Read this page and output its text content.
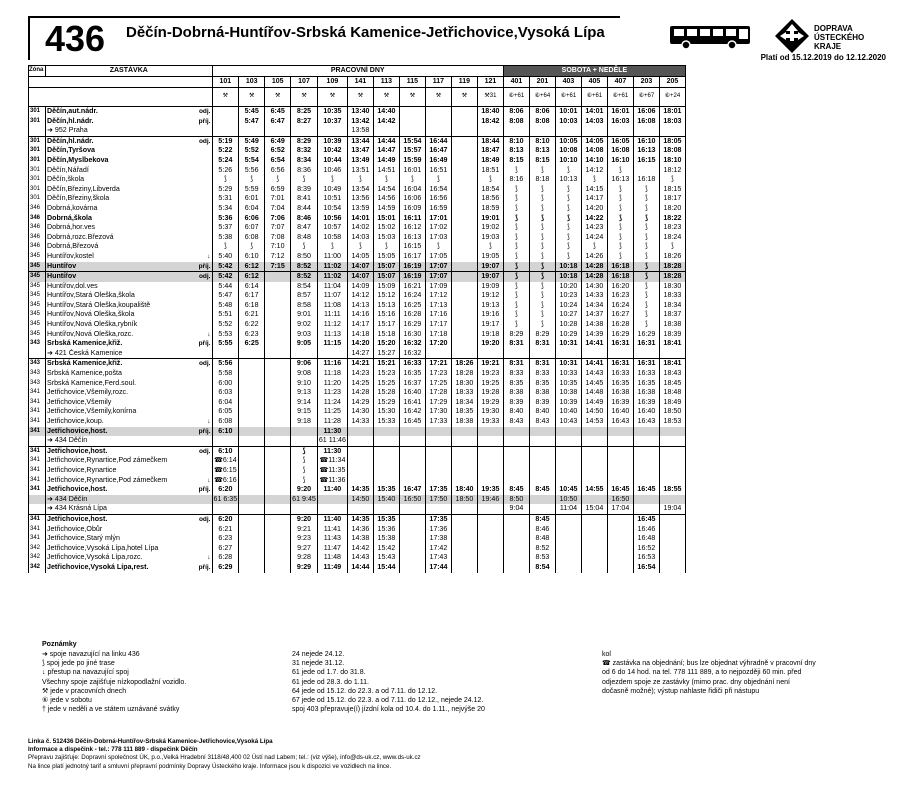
436	Děčín-Dobrná-Huntířov-Srbská Kamenice-Jetřichovice,Vysoká Lípa	DOPRAVA
ÚSTECKÉHO
KRAJE
Platí od 15.12.2019 do 12.12.2020
Zóna	ZASTÁVKA		PRACOVNÍ DNY											SOBOTA + NEDĚLE						
			101	103	105	107	109	141	113	115	117	119	121	401	201	403	405	407	203	205
			⚒	⚒	⚒	⚒	⚒	⚒	⚒	⚒	⚒	⚒	⚒31	⑥+61	⑥+64	⑥+61	⑥+61	⑥+61	⑥+67	⑥+24
301	Děčín,aut.nádr.	odj.		5:45	6:45	8:25	10:35	13:40	14:40				18:40	8:06	8:06	10:01	14:01	16:01	16:06	18:01
301	Děčín,hl.nádr.	příj.		5:47	6:47	8:27	10:37	13:42	14:42				18:42	8:08	8:08	10:03	14:03	16:03	16:08	18:03
	➜ 952 Praha							13:58												
301	Děčín,hl.nádr.	odj.	5:19	5:49	6:49	8:29	10:39	13:44	14:44	15:54	16:44		18:44	8:10	8:10	10:05	14:05	16:05	16:10	18:05
301	Děčín,Tyršova		5:22	5:52	6:52	8:32	10:42	13:47	14:47	15:57	16:47		18:47	8:13	8:13	10:08	14:08	16:08	16:13	18:08
301	Děčín,Myslbekova		5:24	5:54	6:54	8:34	10:44	13:49	14:49	15:59	16:49		18:49	8:15	8:15	10:10	14:10	16:10	16:15	18:10
301	Děčín,Nářadí		5:26	5:56	6:56	8:36	10:46	13:51	14:51	16:01	16:51		18:51	⟆	⟆	⟆	14:12	⟆		18:12
301	Děčín,škola		⟆	⟆	⟆	⟆	⟆	⟆	⟆	⟆	⟆		⟆	8:16	8:18	10:13	⟆	16:13	16:18	⟆
301	Děčín,Březiny,Libverda		5:29	5:59	6:59	8:39	10:49	13:54	14:54	16:04	16:54		18:54	⟆	⟆	⟆	14:15	⟆	⟆	18:15
301	Děčín,Březiny,škola		5:31	6:01	7:01	8:41	10:51	13:56	14:56	16:06	16:56		18:56	⟆	⟆	⟆	14:17	⟆	⟆	18:17
346	Dobrná,kovárna		5:34	6:04	7:04	8:44	10:54	13:59	14:59	16:09	16:59		18:59	⟆	⟆	⟆	14:20	⟆	⟆	18:20
346	Dobrná,škola		5:36	6:06	7:06	8:46	10:56	14:01	15:01	16:11	17:01		19:01	⟆	⟆	⟆	14:22	⟆	⟆	18:22
346	Dobrná,hor.ves		5:37	6:07	7:07	8:47	10:57	14:02	15:02	16:12	17:02		19:02	⟆	⟆	⟆	14:23	⟆	⟆	18:23
346	Dobrná,rozc.Březová		5:38	6:08	7:08	8:48	10:58	14:03	15:03	16:13	17:03		19:03	⟆	⟆	⟆	14:24	⟆	⟆	18:24
346	Dobrná,Březová		⟆	⟆	7:10	⟆	⟆	⟆	⟆	16:15	⟆		⟆	⟆	⟆	⟆	⟆	⟆	⟆	⟆
345	Huntířov,kostel	↓	5:40	6:10	7:12	8:50	11:00	14:05	15:05	16:17	17:05		19:05	⟆	⟆	⟆	14:26	⟆	⟆	18:26
345	Huntířov	příj.	5:42	6:12	7:15	8:52	11:02	14:07	15:07	16:19	17:07		19:07	⟆	⟆	10:18	14:28	16:18	⟆	18:28
345	Huntířov	odj.	5:42	6:12		8:52	11:02	14:07	15:07	16:19	17:07		19:07	⟆	⟆	10:18	14:28	16:18	⟆	18:28
345	Huntířov,dol.ves		5:44	6:14		8:54	11:04	14:09	15:09	16:21	17:09		19:09	⟆	⟆	10:20	14:30	16:20	⟆	18:30
345	Huntířov,Stará Oleška,škola		5:47	6:17		8:57	11:07	14:12	15:12	16:24	17:12		19:12	⟆	⟆	10:23	14:33	16:23	⟆	18:33
345	Huntířov,Stará Oleška,koupaliště		5:48	6:18		8:58	11:08	14:13	15:13	16:25	17:13		19:13	⟆	⟆	10:24	14:34	16:24	⟆	18:34
345	Huntířov,Nová Oleška,škola		5:51	6:21		9:01	11:11	14:16	15:16	16:28	17:16		19:16	⟆	⟆	10:27	14:37	16:27	⟆	18:37
345	Huntířov,Nová Oleška,rybník		5:52	6:22		9:02	11:12	14:17	15:17	16:29	17:17		19:17	⟆	⟆	10:28	14:38	16:28	⟆	18:38
345	Huntířov,Nová Oleška,rozc.	↓	5:53	6:23		9:03	11:13	14:18	15:18	16:30	17:18		19:18	8:29	8:29	10:29	14:39	16:29	16:29	18:39
343	Srbská Kamenice,křiž.	příj.	5:55	6:25		9:05	11:15	14:20	15:20	16:32	17:20		19:20	8:31	8:31	10:31	14:41	16:31	16:31	18:41
	➜ 421 Česká Kamenice							14:27	15:27	16:32										
343	Srbská Kamenice,křiž.	odj.	5:56			9:06	11:16	14:21	15:21	16:33	17:21	18:26	19:21	8:31	8:31	10:31	14:41	16:31	16:31	18:41
343	Srbská Kamenice,pošta		5:58			9:08	11:18	14:23	15:23	16:35	17:23	18:28	19:23	8:33	8:33	10:33	14:43	16:33	16:33	18:43
343	Srbská Kamenice,Ferd.soul.		6:00			9:10	11:20	14:25	15:25	16:37	17:25	18:30	19:25	8:35	8:35	10:35	14:45	16:35	16:35	18:45
341	Jetřichovice,Všemily,rozc.		6:03			9:13	11:23	14:28	15:28	16:40	17:28	18:33	19:28	8:38	8:38	10:38	14:48	16:38	16:38	18:48
341	Jetřichovice,Všemily		6:04			9:14	11:24	14:29	15:29	16:41	17:29	18:34	19:29	8:39	8:39	10:39	14:49	16:39	16:39	18:49
341	Jetřichovice,Všemily,konírna		6:05			9:15	11:25	14:30	15:30	16:42	17:30	18:35	19:30	8:40	8:40	10:40	14:50	16:40	16:40	18:50
341	Jetřichovice,koup.	↓	6:08			9:18	11:28	14:33	15:33	16:45	17:33	18:38	19:33	8:43	8:43	10:43	14:53	16:43	16:43	18:53
341	Jetřichovice,host.	příj.	6:10				11:30													
	➜ 434 Děčín						61 11:46													
341	Jetřichovice,host.	odj.	6:10			⟆	11:30													
341	Jetřichovice,Rynartice,Pod zámečkem		☎6:14			⟆	☎11:34													
341	Jetřichovice,Rynartice		☎6:15			⟆	☎11:35													
341	Jetřichovice,Rynartice,Pod zámečkem	↓	☎6:16			⟆	☎11:36													
341	Jetřichovice,host.	příj.	6:20			9:20	11:40	14:35	15:35	16:47	17:35	18:40	19:35	8:45	8:45	10:45	14:55	16:45	16:45	18:55
	➜ 434 Děčín		61 6:35			61 9:45		14:50	15:40	16:50	17:50	18:50	19:46	8:50		10:50		16:50		
	➜ 434 Krásná Lípa													9:04		11:04	15:04	17:04		19:04
341	Jetřichovice,host.	odj.	6:20			9:20	11:40	14:35	15:35		17:35				8:45				16:45	
341	Jetřichovice,Obůr		6:21			9:21	11:41	14:36	15:36		17:36				8:46				16:46	
341	Jetřichovice,Starý mlýn		6:23			9:23	11:43	14:38	15:38		17:38				8:48				16:48	
342	Jetřichovice,Vysoká Lípa,hotel Lípa		6:27			9:27	11:47	14:42	15:42		17:42				8:52				16:52	
342	Jetřichovice,Vysoká Lípa,rozc.	↓	6:28			9:28	11:48	14:43	15:43		17:43				8:53				16:53	
342	Jetřichovice,Vysoká Lípa,rest.	příj.	6:29			9:29	11:49	14:44	15:44		17:44				8:54				16:54	
Poznámky
➜ spoje navazující na linku 436
⟆ spoj jede po jiné trase
↓ přestup na navazující spoj
Všechny spoje zajišťuje nízkopodlažní vozidlo.
⚒ jede v pracovních dnech
⑥ jede v sobotu
† jede v neděli a ve státem uznávané svátky
24 nejede 24.12.
31 nejede 31.12.
61 jede od 1.7. do 31.8.
61 jede od 28.3. do 1.11.
64 jede od 15.12. do 22.3. a od 7.11. do 12.12.
67 jede od 15.12. do 22.3. a od 7.11. do 12.12., nejede 24.12.
spoj 403 přepravuje(í) jízdní kola od 10.4. do 1.11., nejvýše 20
kol
☎ zastávka na objednání; bus lze objednat výhradně v pracovní dny
od 6 do 14 hod. na tel. 778 111 889, a to nejpozději 60 min. před
odjezdem spoje ze zastávky (mimo prac. dny objednání není
dočasně možné); výstup nahlaste řidiči při nástupu
Linka č. 512436 Děčín-Dobrná-Huntířov-Srbská Kamenice-Jetřichovice,Vysoká Lípa
Informace a dispečink - tel.: 778 111 889 - dispečink Děčín
Přepravu zajišťuje: Dopravní společnost ÚK, p.o.,Velká Hradební 3118/48,400 02 Ústí nad Labem; tel.: (viz výše), info@ds-uk.cz, www.ds-uk.cz
Na lince platí jednotný tarif a smluvní přepravní podmínky Dopravy Ústeckého kraje. Informace jsou k dispozici ve vozidlech na lince.
